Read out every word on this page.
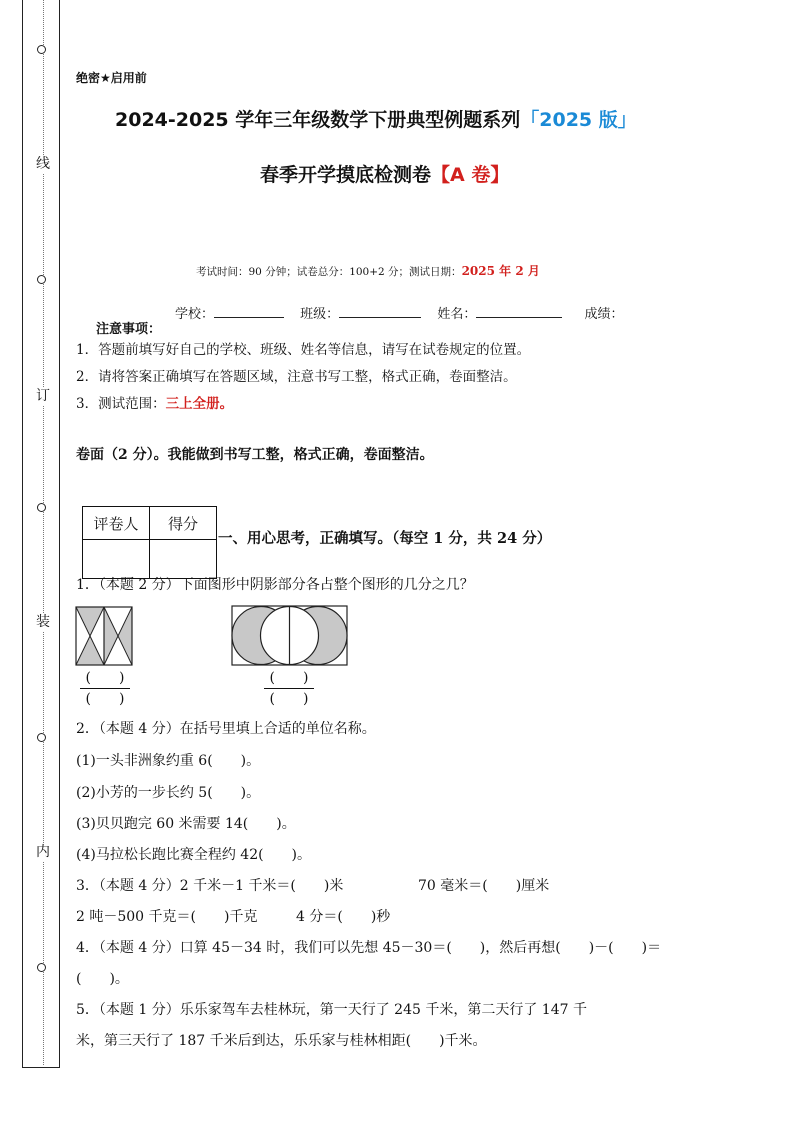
线
订
装
内
绝密★启用前
2024-2025 学年三年级数学下册典型例题系列「2025 版」
春季开学摸底检测卷【A 卷】
考试时间：90 分钟；试卷总分：100+2 分；测试日期：2025 年 2 月
学校：	班级：	姓名：	成绩：
注意事项：
1．答题前填写好自己的学校、班级、姓名等信息，请写在试卷规定的位置。
2．请将答案正确填写在答题区域，注意书写工整，格式正确，卷面整洁。
3．测试范围：三上全册。
卷面（2 分）。我能做到书写工整，格式正确，卷面整洁。
评卷人	得分

一、用心思考，正确填写。（每空 1 分，共 24 分）
1．（本题 2 分）下面图形中阴影部分各占整个图形的几分之几？
(　　)
(　　)
(　　)
(　　)
2．（本题 4 分）在括号里填上合适的单位名称。
(1)一头非洲象约重 6(　　)。
(2)小芳的一步长约 5(　　)。
(3)贝贝跑完 60 米需要 14(　　)。
(4)马拉松长跑比赛全程约 42(　　)。
3．（本题 4 分）2 千米－1 千米＝(　　)米	70 毫米＝(　　)厘米
2 吨－500 千克＝(　　)千克	4 分＝(　　)秒
4．（本题 4 分）口算 45－34 时，我们可以先想 45－30＝(　　)，然后再想(　　)－(　　)＝
(　　)。
5．（本题 1 分）乐乐家驾车去桂林玩，第一天行了 245 千米，第二天行了 147 千
米，第三天行了 187 千米后到达，乐乐家与桂林相距(　　)千米。
